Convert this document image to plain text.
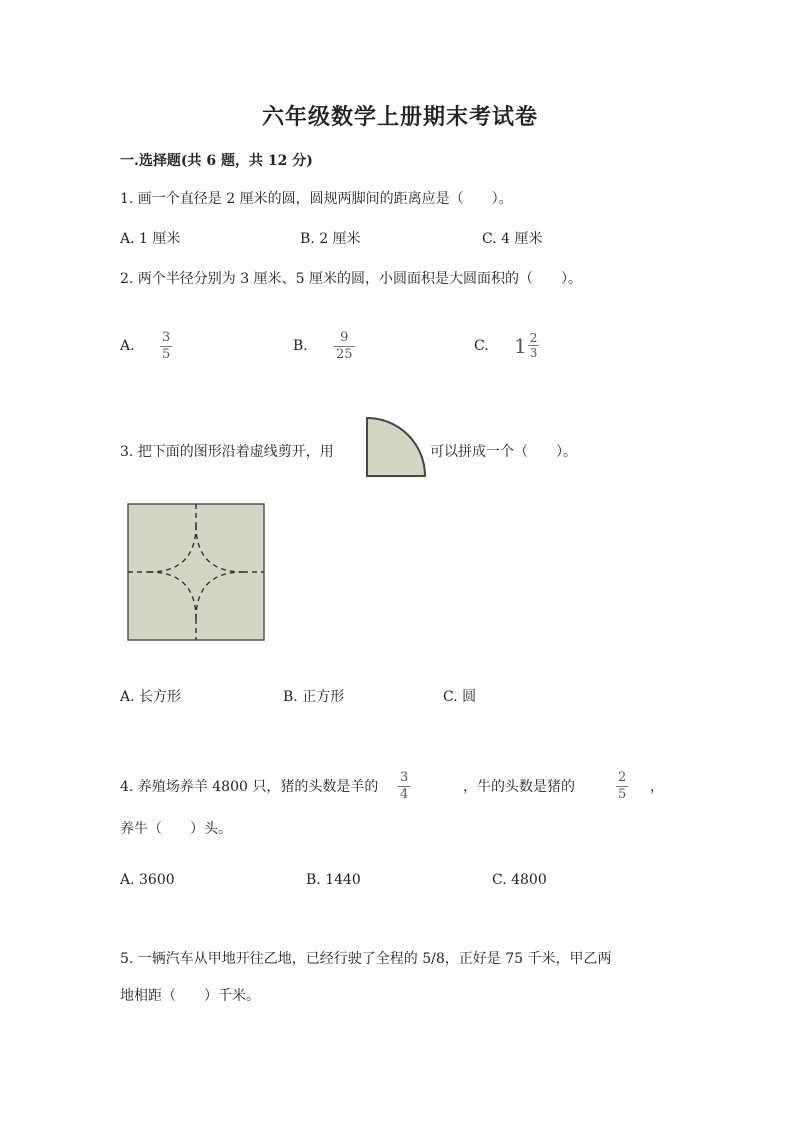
六年级数学上册期末考试卷
一.选择题(共 6 题，共 12 分)
1. 画一个直径是 2 厘米的圆，圆规两脚间的距离应是（　　）。
A. 1 厘米	B. 2 厘米	C. 4 厘米
2. 两个半径分别为 3 厘米、5 厘米的圆，小圆面积是大圆面积的（　　）。
A.
3
5
B.
9
25
C. $1 \frac{2}{3}$
3. 把下面的图形沿着虚线剪开，用	可以拼成一个（　　）。
A. 长方形	B. 正方形	C. 圆
4. 养殖场养羊 4800 只，猪的头数是羊的
3
4	，牛的头数是猪的
2
5 ，
养牛（　　）头。
A. 3600	B. 1440	C. 4800
5. 一辆汽车从甲地开往乙地，已经行驶了全程的 5/8，正好是 75 千米，甲乙两
地相距（　　）千米。
